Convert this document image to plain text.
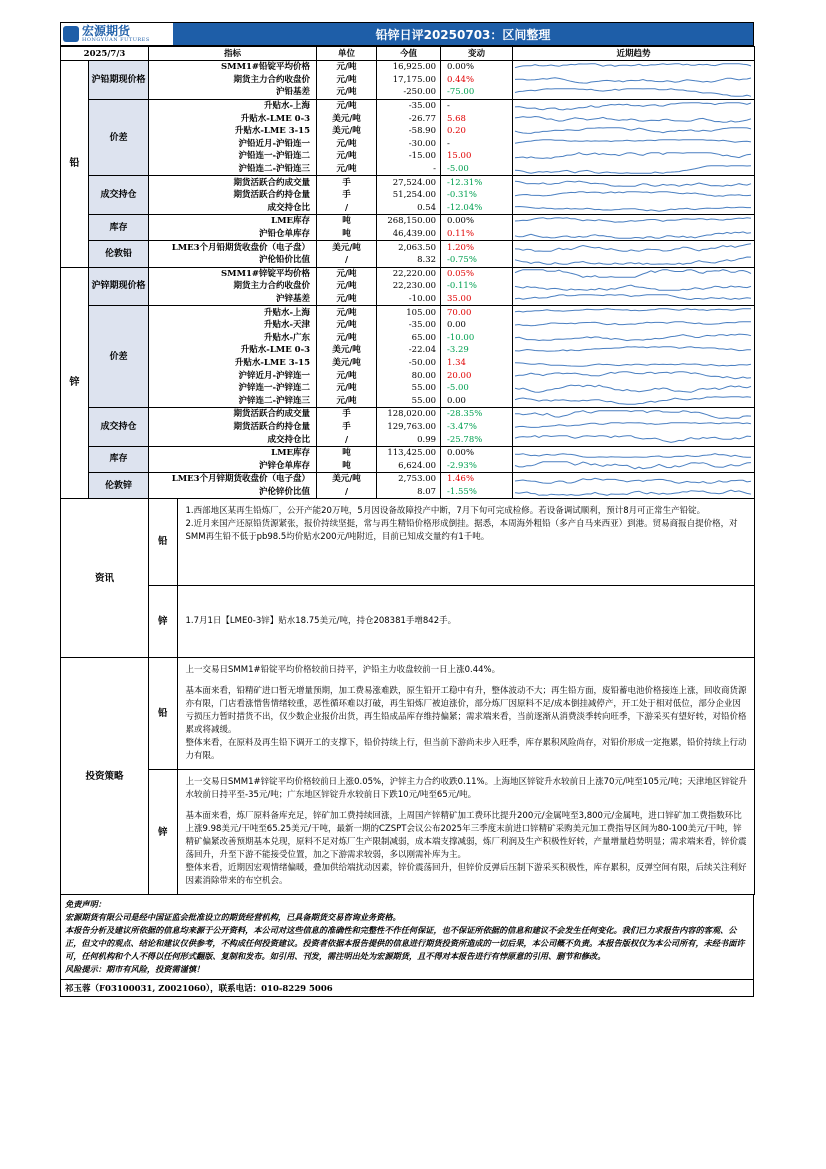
宏源期货
HONGYUAN FUTURES	铅锌日评20250703：区间整理
2025/7/3		指标	单位	今值	变动	近期趋势
铅	沪铅期现价格	SMM1#铅锭平均价格	元/吨	16,925.00	0.00%	

		期货主力合约收盘价	元/吨	17,175.00	0.44%	

		沪铅基差	元/吨	-250.00	-75.00	

	价差	升贴水-上海	元/吨	-35.00	-	

		升贴水-LME 0-3	美元/吨	-26.77	5.68	

		升贴水-LME 3-15	美元/吨	-58.90	0.20	

		沪铅近月-沪铅连一	元/吨	-30.00	-	

		沪铅连一-沪铅连二	元/吨	-15.00	15.00	

		沪铅连二-沪铅连三	元/吨	-	-5.00	

	成交持仓	期货活跃合约成交量	手	27,524.00	-12.31%	

		期货活跃合约持仓量	手	51,254.00	-0.31%	

		成交持仓比	/	0.54	-12.04%	

	库存	LME库存	吨	268,150.00	0.00%	

		沪铅仓单库存	吨	46,439.00	0.11%	

	伦敦铅	LME3个月铅期货收盘价（电子盘）	美元/吨	2,063.50	1.20%	

		沪伦铅价比值	/	8.32	-0.75%	

锌	沪锌期现价格	SMM1#锌锭平均价格	元/吨	22,220.00	0.05%	

		期货主力合约收盘价	元/吨	22,230.00	-0.11%	

		沪锌基差	元/吨	-10.00	35.00	

	价差	升贴水-上海	元/吨	105.00	70.00	

		升贴水-天津	元/吨	-35.00	0.00	

		升贴水-广东	元/吨	65.00	-10.00	

		升贴水-LME 0-3	美元/吨	-22.04	-3.29	

		升贴水-LME 3-15	美元/吨	-50.00	1.34	

		沪锌近月-沪锌连一	元/吨	80.00	20.00	

		沪锌连一-沪锌连二	元/吨	55.00	-5.00	

		沪锌连二-沪锌连三	元/吨	55.00	0.00	

	成交持仓	期货活跃合约成交量	手	128,020.00	-28.35%	

		期货活跃合约持仓量	手	129,763.00	-3.47%	

		成交持仓比	/	0.99	-25.78%	

	库存	LME库存	吨	113,425.00	0.00%	

		沪锌仓单库存	吨	6,624.00	-2.93%	

	伦敦锌	LME3个月锌期货收盘价（电子盘）	美元/吨	2,753.00	1.46%	

		沪伦锌价比值	/	8.07	-1.55%	
资讯	
铅	
1.西部地区某再生铅炼厂，公开产能20万吨，5月因设备故障投产中断，7月下旬可完成检修。若设备调试顺利，预计8月可正常生产铅锭。
2.近月来国产还原铅货源紧张，报价持续坚挺，常与再生精铅价格形成倒挂。据悉，本周海外粗铅（多产自马来西亚）到港。贸易商报自提价格，对SMM再生铅不低于pb98.5均价贴水200元/吨附近，目前已知成交量约有1千吨。

锌	1.7月1日【LME0-3锌】贴水18.75美元/吨，持仓208381手增842手。

投资策略	
铅	
上一交易日SMM1#铅锭平均价格较前日持平，沪铅主力收盘较前一日上涨0.44%。
基本面来看，铅精矿进口暂无增量预期，加工费易涨难跌，原生铅开工稳中有升，整体波动不大；再生铅方面，废铅蓄电池价格接连上涨，回收商货源亦有限，门店看涨惜售情绪较重，恶性循环难以打破，再生铅炼厂被迫涨价，部分炼厂因原料不足/成本倒挂减停产，开工处于相对低位，部分企业因亏损压力暂时措货不出，仅少数企业报价出货，再生铅成品库存维持偏紧；需求端来看，当前逐渐从消费淡季转向旺季，下游采买有望好转，对铅价格累或将减缓。
整体来看，在原料及再生铅下调开工的支撑下，铅价持续上行，但当前下游尚未步入旺季，库存累积风险尚存，对铅价形成一定拖累，铅价持续上行动力有限。

锌	
上一交易日SMM1#锌锭平均价格较前日上涨0.05%，沪锌主力合约收跌0.11%。上海地区锌锭升水较前日上涨70元/吨至105元/吨；天津地区锌锭升水较前日持平至-35元/吨；广东地区锌锭升水较前日下跌10元/吨至65元/吨。
基本面来看，炼厂原料备库充足，锌矿加工费持续回涨，上周国产锌精矿加工费环比提升200元/金属吨至3,800元/金属吨，进口锌矿加工费指数环比上涨9.98美元/干吨至65.25美元/干吨，最新一期的CZSPT会议公布2025年三季度末前进口锌精矿采购美元加工费指导区间为80-100美元/干吨，锌精矿偏紧改善预期基本兑现，原料不足对炼厂生产限制减弱，成本端支撑减弱，炼厂利润及生产积极性好转，产量增量趋势明显；需求端来看，锌价震荡回升，升至下游不能接受位置，加之下游需求较弱，多以刚需补库为主。
整体来看，近期因宏观情绪偏暖，叠加供给端扰动因素，锌价震荡回升，但锌价反弹后压制下游采买积极性，库存累积，反弹空间有限，后续关注利好因素消除带来的布空机会。
免责声明：
宏源期货有限公司是经中国证监会批准设立的期货经营机构，已具备期货交易咨询业务资格。
本报告分析及建议所依据的信息均来源于公开资料，本公司对这些信息的准确性和完整性不作任何保证，也不保证所依据的信息和建议不会发生任何变化。我们已力求报告内容的客观、公正，但文中的观点、结论和建议仅供参考，不构成任何投资建议。投资者依据本报告提供的信息进行期货投资所造成的一切后果，本公司概不负责。本报告版权仅为本公司所有，未经书面许可，任何机构和个人不得以任何形式翻版、复制和发布。如引用、刊发，需注明出处为宏源期货，且不得对本报告进行有悖原意的引用、删节和修改。
风险提示：期市有风险，投资需谨慎！
祁玉蓉（F03100031, Z0021060），联系电话：010-8229 5006
